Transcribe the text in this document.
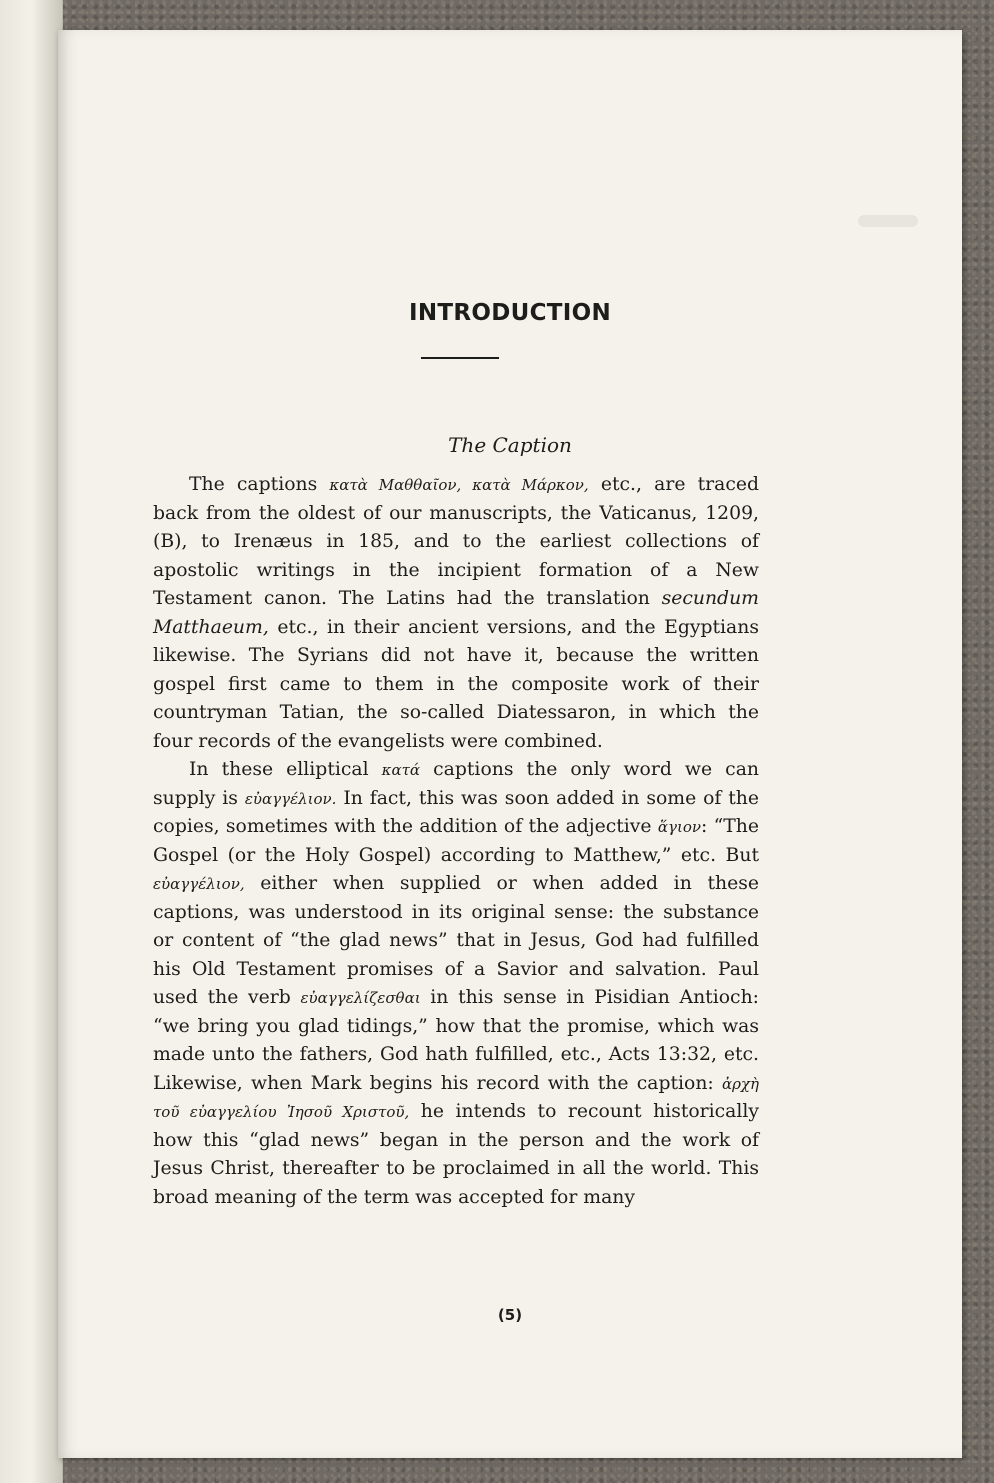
INTRODUCTION
The Caption

The captions κατὰ Μαθθαῖον, κατὰ Μάρκον, etc., are traced back from the oldest of our manuscripts, the Vaticanus, 1209, (B), to Irenæus in 185, and to the earliest collections of apostolic writings in the incipient formation of a New Testament canon. The Latins had the translation secundum Matthaeum, etc., in their ancient versions, and the Egyptians likewise. The Syrians did not have it, because the written gospel first came to them in the composite work of their countryman Tatian, the so-called Diatessaron, in which the four records of the evangelists were combined.

In these elliptical κατά captions the only word we can supply is εὐαγγέλιον. In fact, this was soon added in some of the copies, sometimes with the addition of the adjective ἅγιον: “The Gospel (or the Holy Gospel) according to Matthew,” etc. But εὐαγγέλιον, either when supplied or when added in these captions, was understood in its original sense: the substance or content of “the glad news” that in Jesus, God had fulfilled his Old Testament promises of a Savior and salvation. Paul used the verb εὐαγγελίζεσθαι in this sense in Pisidian Antioch: “we bring you glad tidings,” how that the promise, which was made unto the fathers, God hath fulfilled, etc., Acts 13:32, etc. Likewise, when Mark begins his record with the caption: ἀρχὴ τοῦ εὐαγγελίου Ἰησοῦ Χριστοῦ, he intends to recount historically how this “glad news” began in the person and the work of Jesus Christ, thereafter to be proclaimed in all the world. This broad meaning of the term was accepted for many

(5)
